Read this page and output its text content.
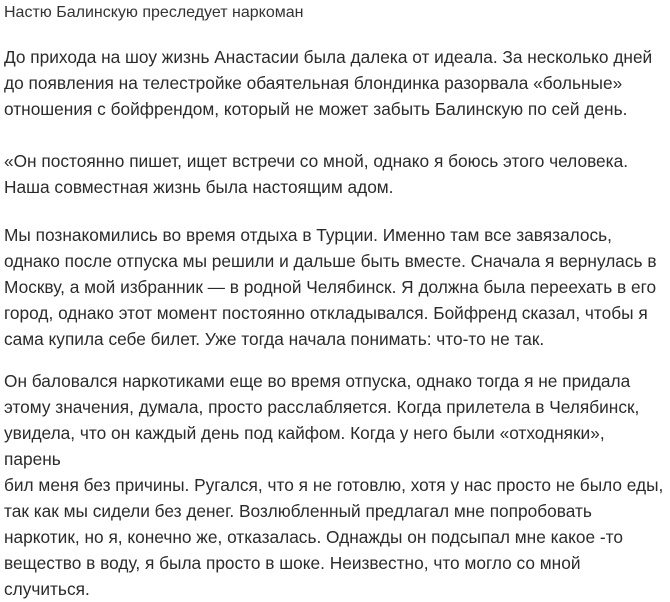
Настю Балинскую преследует наркоман

До прихода на шоу жизнь Анастасии была далека от идеала. За несколько дней
до появления на телестройке обаятельная блондинка разорвала «больные»
отношения с бойфрендом, который не может забыть Балинскую по сей день.

«Он постоянно пишет, ищет встречи со мной, однако я боюсь этого человека.
Наша совместная жизнь была настоящим адом.

Мы познакомились во время отдыха в Турции. Именно там все завязалось,
однако после отпуска мы решили и дальше быть вместе. Сначала я вернулась в
Москву, а мой избранник — в родной Челябинск. Я должна была переехать в его
город, однако этот момент постоянно откладывался. Бойфренд сказал, чтобы я
сама купила себе билет. Уже тогда начала понимать: что-то не так.

Он баловался наркотиками еще во время отпуска, однако тогда я не придала
этому значения, думала, просто расслабляется. Когда прилетела в Челябинск,
увидела, что он каждый день под кайфом. Когда у него были «отходняки», парень
бил меня без причины. Ругался, что я не готовлю, хотя у нас просто не было еды,
так как мы сидели без денег. Возлюбленный предлагал мне попробовать
наркотик, но я, конечно же, отказалась. Однажды он подсыпал мне какое -то
вещество в воду, я была просто в шоке. Неизвестно, что могло со мной случиться.
